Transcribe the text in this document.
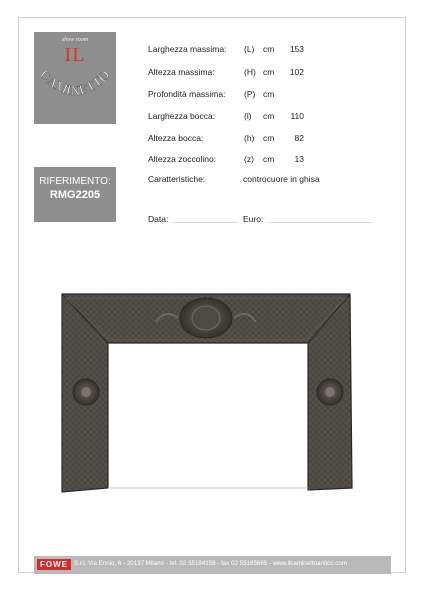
show room
IL
CAMINETTO
RIFERIMENTO:
RMG2205
Larghezza massima: (L) cm	153
Altezza massima:	(H) cm	102
Profondità massima: (P) cm
Larghezza bocca:	(l) cm	110
Altezza bocca:	(h) cm	82
Altezza zoccolino:	(z) cm	13
Caratteristiche:	controcuore in ghisa
Data:	Euro:
FOWE S.r.l. Via Ennio, 6 - 20137 Milano - tel. 02 55184159 - fax 02 55185665 - www.ilcaminettoantico.com
